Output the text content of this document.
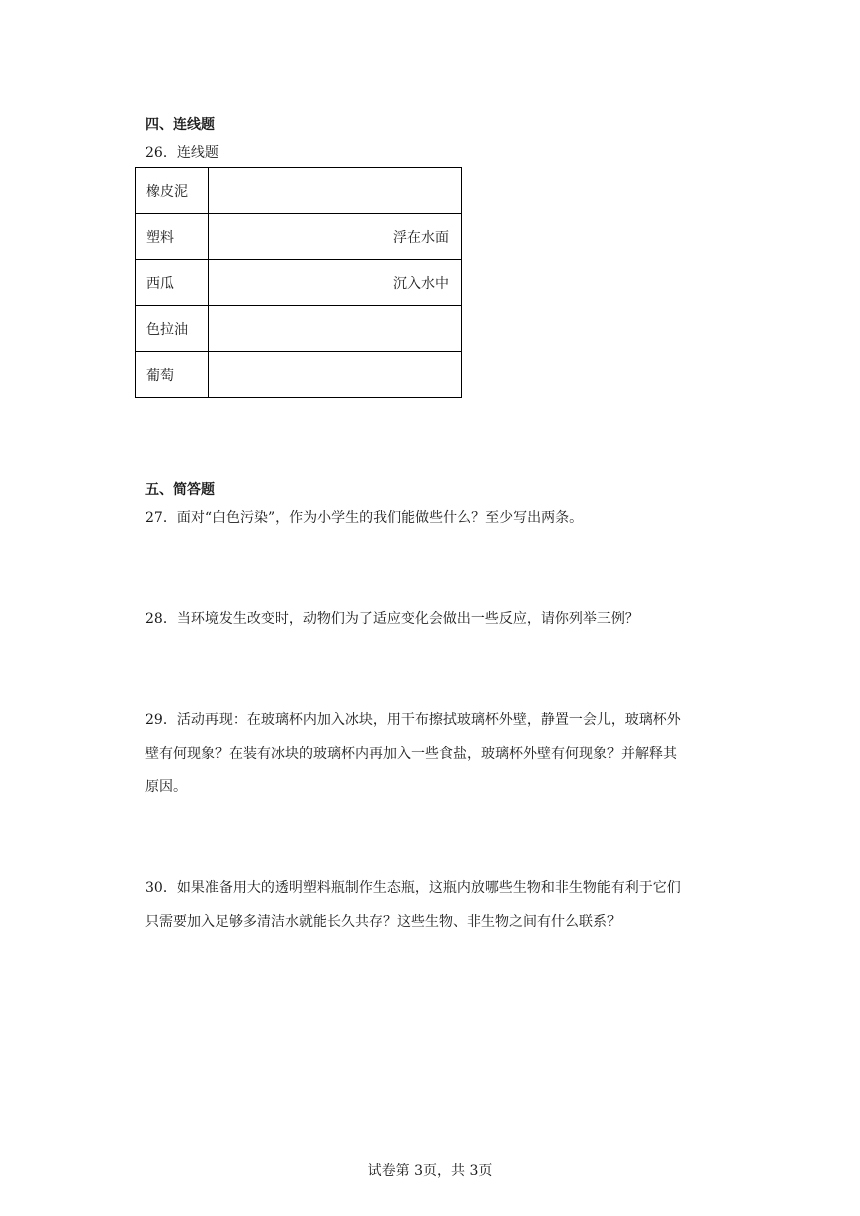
四、连线题
26．连线题
橡皮泥	
塑料	浮在水面
西瓜	沉入水中
色拉油	
葡萄	
五、简答题
27．面对“白色污染”，作为小学生的我们能做些什么？至少写出两条。
28．当环境发生改变时，动物们为了适应变化会做出一些反应，请你列举三例？
29．活动再现：在玻璃杯内加入冰块，用干布擦拭玻璃杯外壁，静置一会儿，玻璃杯外
壁有何现象？在装有冰块的玻璃杯内再加入一些食盐，玻璃杯外壁有何现象？并解释其
原因。
30．如果准备用大的透明塑料瓶制作生态瓶，这瓶内放哪些生物和非生物能有利于它们
只需要加入足够多清洁水就能长久共存？这些生物、非生物之间有什么联系？
试卷第 3页，共 3页
